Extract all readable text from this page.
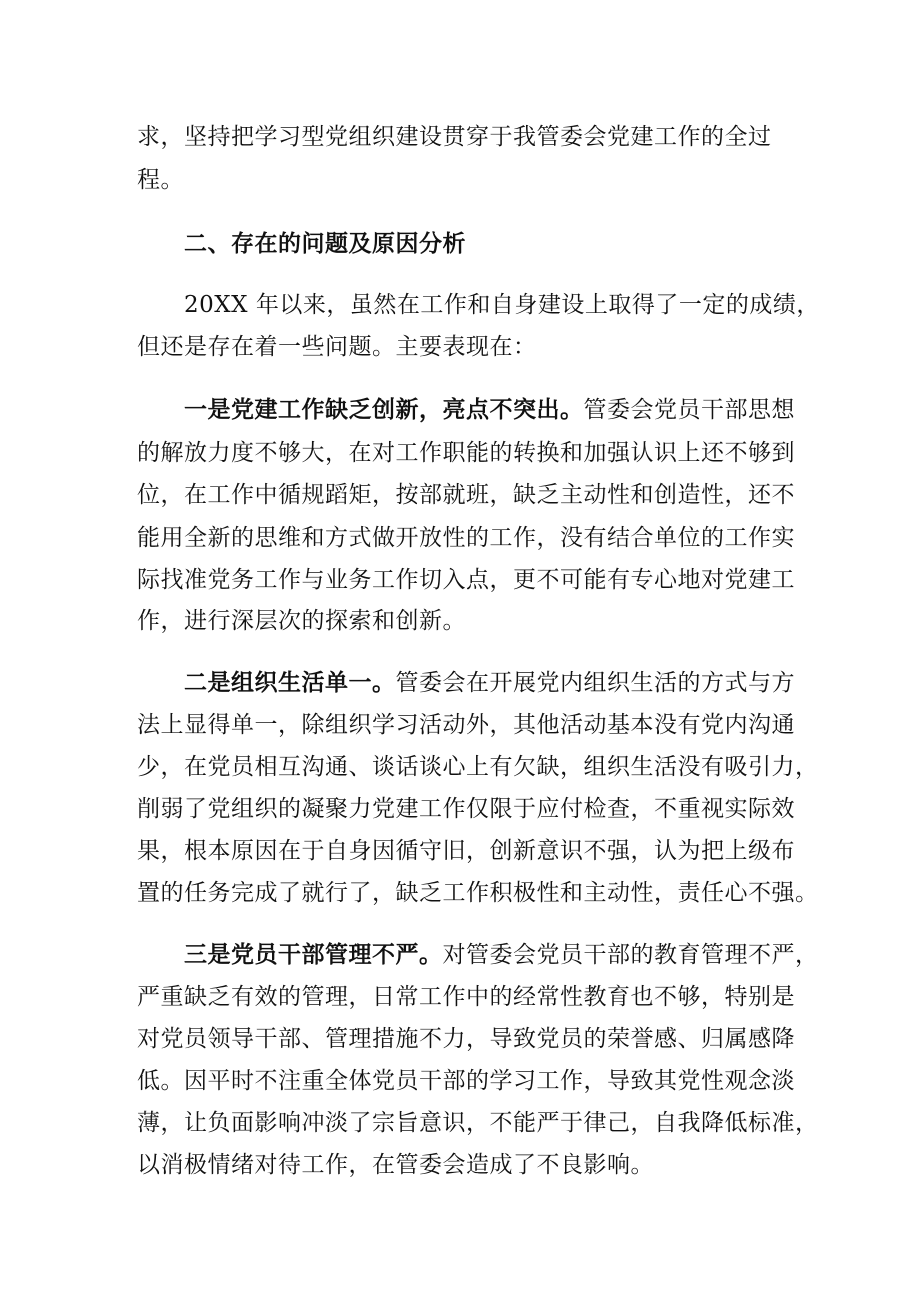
求，坚持把学习型党组织建设贯穿于我管委会党建工作的全过

程。

二、存在的问题及原因分析

20XX 年以来，虽然在工作和自身建设上取得了一定的成绩，

但还是存在着一些问题。主要表现在：

一是党建工作缺乏创新，亮点不突出。管委会党员干部思想

的解放力度不够大，在对工作职能的转换和加强认识上还不够到

位，在工作中循规蹈矩，按部就班，缺乏主动性和创造性，还不

能用全新的思维和方式做开放性的工作，没有结合单位的工作实

际找准党务工作与业务工作切入点，更不可能有专心地对党建工

作，进行深层次的探索和创新。

二是组织生活单一。管委会在开展党内组织生活的方式与方

法上显得单一，除组织学习活动外，其他活动基本没有党内沟通

少，在党员相互沟通、谈话谈心上有欠缺，组织生活没有吸引力，

削弱了党组织的凝聚力党建工作仅限于应付检查，不重视实际效

果，根本原因在于自身因循守旧，创新意识不强，认为把上级布

置的任务完成了就行了，缺乏工作积极性和主动性，责任心不强。

三是党员干部管理不严。对管委会党员干部的教育管理不严，

严重缺乏有效的管理，日常工作中的经常性教育也不够，特别是

对党员领导干部、管理措施不力，导致党员的荣誉感、归属感降

低。因平时不注重全体党员干部的学习工作，导致其党性观念淡

薄，让负面影响冲淡了宗旨意识，不能严于律己，自我降低标准，

以消极情绪对待工作，在管委会造成了不良影响。
